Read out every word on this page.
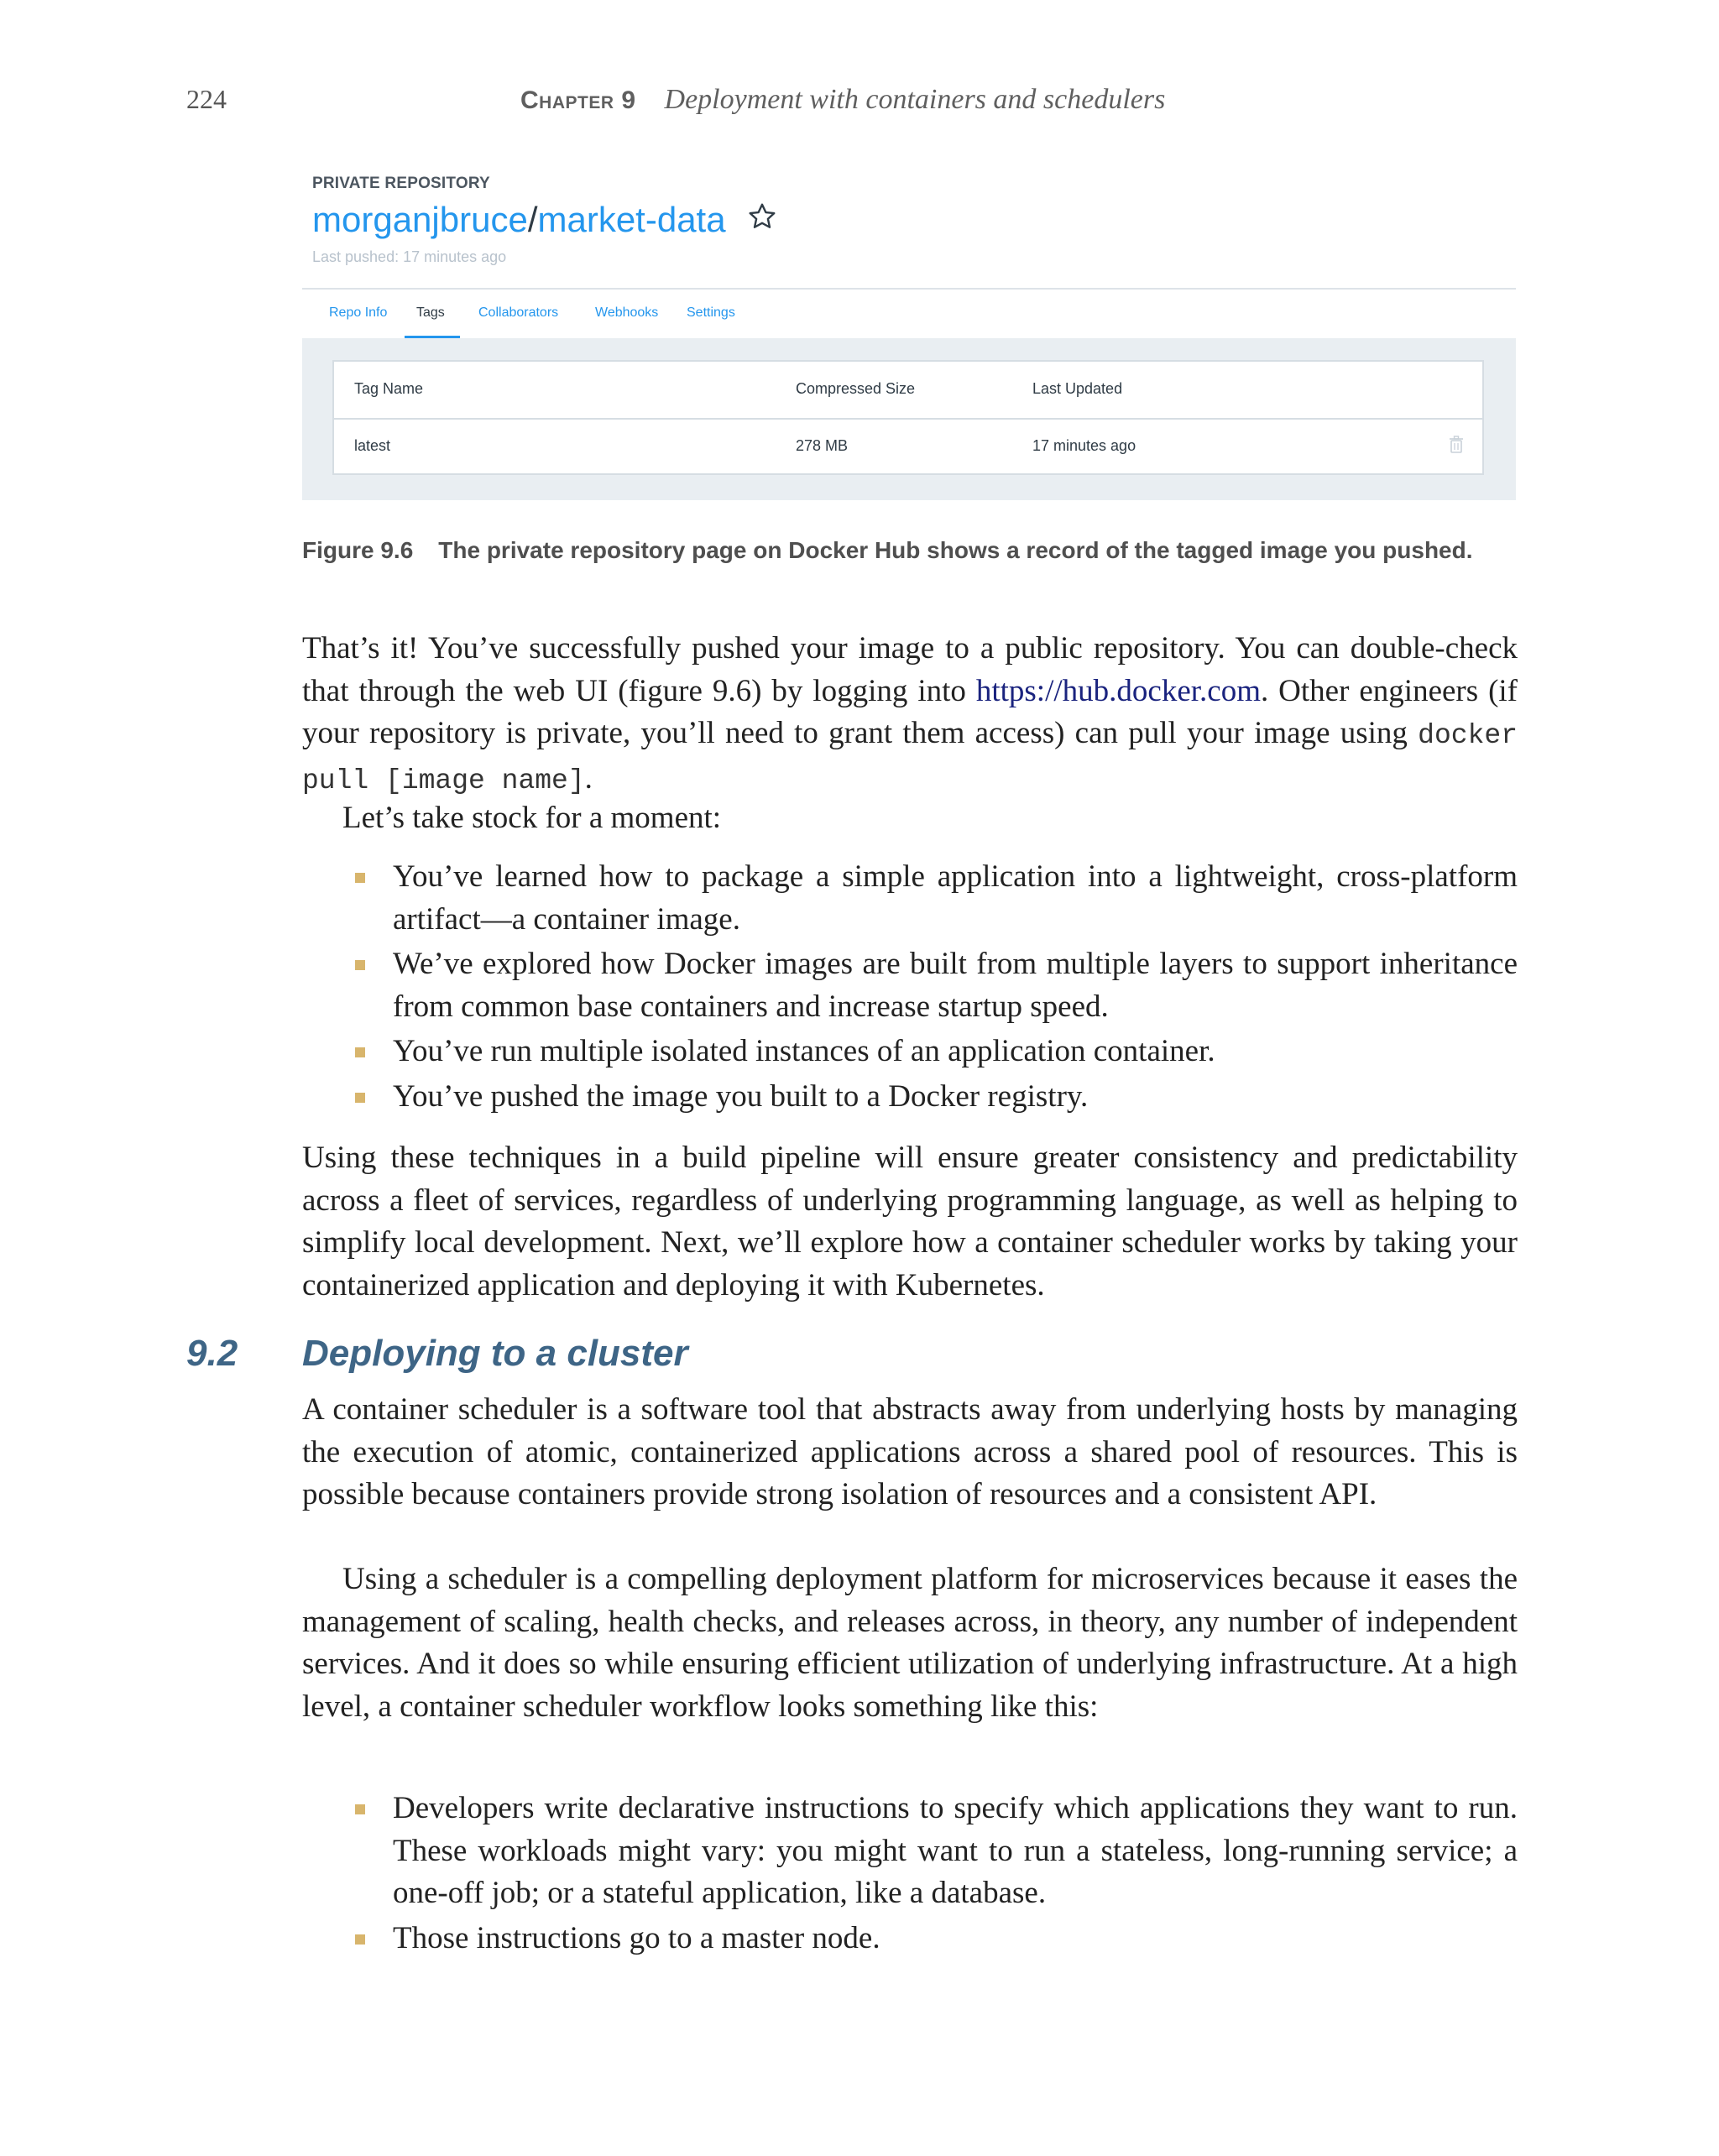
224	Chapter 9 Deployment with containers and schedulers
PRIVATE REPOSITORY
morganjbruce/market-data
Last pushed: 17 minutes ago
Repo Info Tags	Collaborators	Webhooks Settings
Tag Name	Compressed Size	Last Updated
latest	278 MB	17 minutes ago
Figure 9.6 The private repository page on Docker Hub shows a record of the tagged image you pushed.

That’s it! You’ve successfully pushed your image to a public repository. You can double-check that through the web UI (figure 9.6) by logging into https://hub.docker.com. Other engineers (if your repository is private, you’ll need to grant them access) can pull your image using docker pull [image name].

Let’s take stock for a moment:

You’ve learned how to package a simple application into a lightweight, cross-platform artifact—a container image.
We’ve explored how Docker images are built from multiple layers to support inheritance from common base containers and increase startup speed.
You’ve run multiple isolated instances of an application container.
You’ve pushed the image you built to a Docker registry.

Using these techniques in a build pipeline will ensure greater consistency and predictability across a fleet of services, regardless of underlying programming language, as well as helping to simplify local development. Next, we’ll explore how a container scheduler works by taking your containerized application and deploying it with Kubernetes.

9.2 Deploying to a cluster

A container scheduler is a software tool that abstracts away from underlying hosts by managing the execution of atomic, containerized applications across a shared pool of resources. This is possible because containers provide strong isolation of resources and a consistent API.

Using a scheduler is a compelling deployment platform for microservices because it eases the management of scaling, health checks, and releases across, in theory, any number of independent services. And it does so while ensuring efficient utilization of underlying infrastructure. At a high level, a container scheduler workflow looks something like this:

Developers write declarative instructions to specify which applications they want to run. These workloads might vary: you might want to run a stateless, long-running service; a one-off job; or a stateful application, like a database.
Those instructions go to a master node.
